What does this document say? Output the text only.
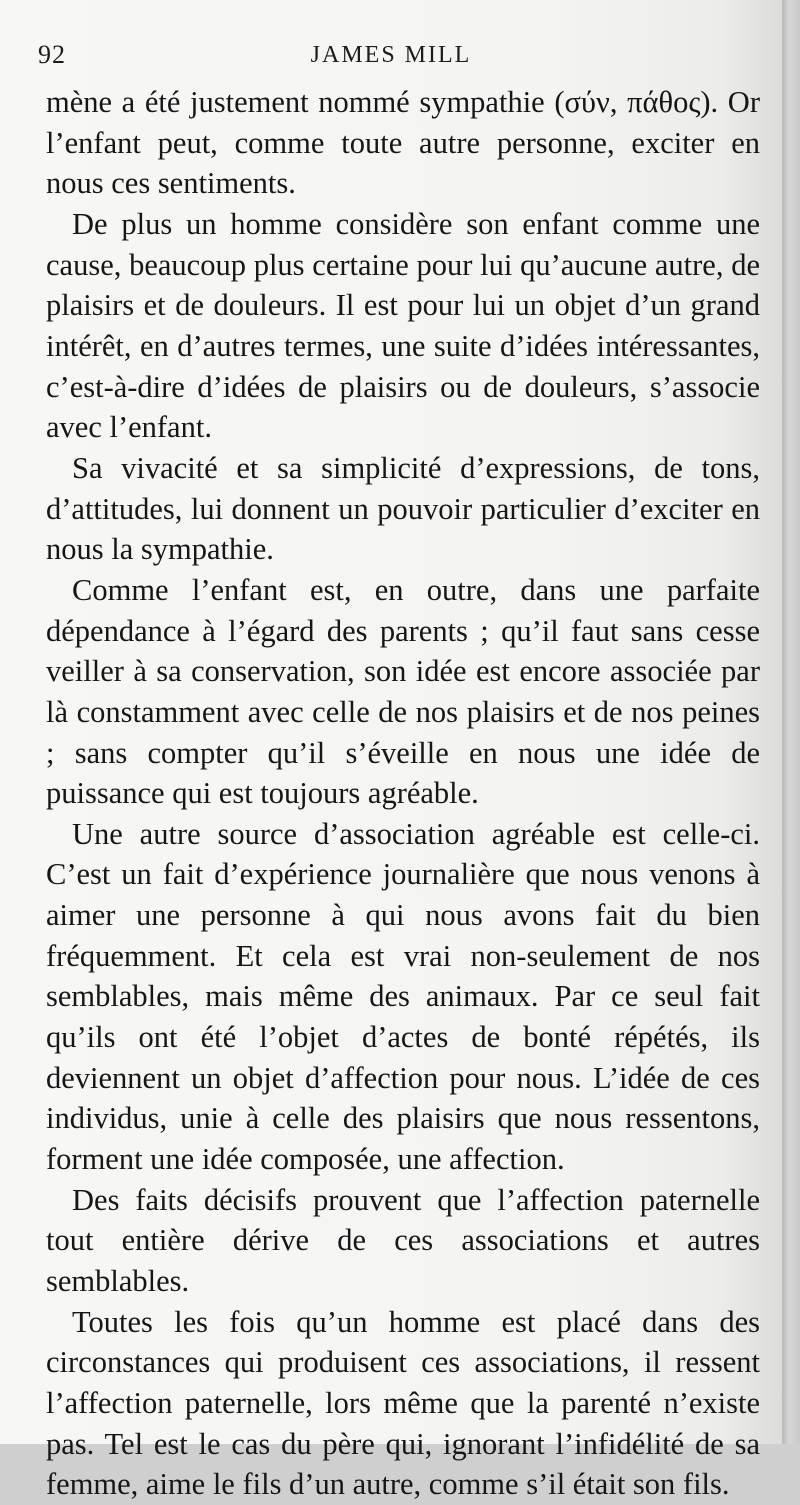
92	JAMES MILL

mène a été justement nommé sympathie (σύν, πάθος). Or l’enfant peut, comme toute autre personne, exciter en nous ces sentiments.

De plus un homme considère son enfant comme une cause, beaucoup plus certaine pour lui qu’aucune autre, de plaisirs et de douleurs. Il est pour lui un objet d’un grand intérêt, en d’autres termes, une suite d’idées intéressantes, c’est-à-dire d’idées de plaisirs ou de douleurs, s’associe avec l’enfant.

Sa vivacité et sa simplicité d’expressions, de tons, d’attitudes, lui donnent un pouvoir particulier d’exciter en nous la sympathie.

Comme l’enfant est, en outre, dans une parfaite dépendance à l’égard des parents ; qu’il faut sans cesse veiller à sa conservation, son idée est encore associée par là constamment avec celle de nos plaisirs et de nos peines ; sans compter qu’il s’éveille en nous une idée de puissance qui est toujours agréable.

Une autre source d’association agréable est celle-ci. C’est un fait d’expérience journalière que nous venons à aimer une personne à qui nous avons fait du bien fréquemment. Et cela est vrai non-seulement de nos semblables, mais même des animaux. Par ce seul fait qu’ils ont été l’objet d’actes de bonté répétés, ils deviennent un objet d’affection pour nous. L’idée de ces individus, unie à celle des plaisirs que nous ressentons, forment une idée composée, une affection.

Des faits décisifs prouvent que l’affection paternelle tout entière dérive de ces associations et autres semblables.

Toutes les fois qu’un homme est placé dans des circonstances qui produisent ces associations, il ressent l’affection paternelle, lors même que la parenté n’existe pas. Tel est le cas du père qui, ignorant l’infidélité de sa femme, aime le fils d’un autre, comme s’il était son fils.
